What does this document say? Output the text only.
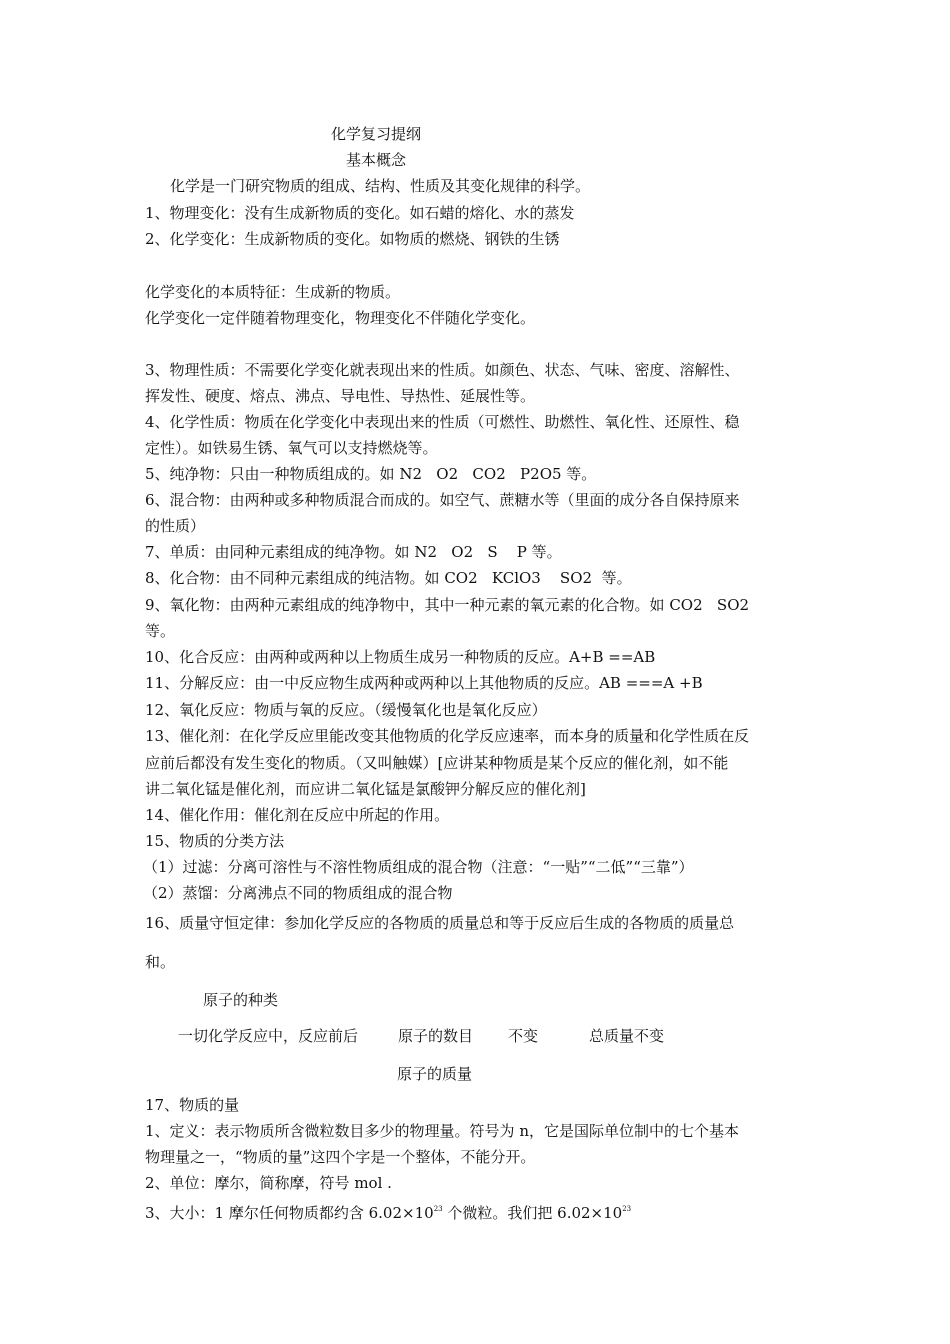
化学复习提纲
基本概念
化学是一门研究物质的组成、结构、性质及其变化规律的科学。
1、物理变化：没有生成新物质的变化。如石蜡的熔化、水的蒸发
2、化学变化：生成新物质的变化。如物质的燃烧、钢铁的生锈
化学变化的本质特征：生成新的物质。
化学变化一定伴随着物理变化，物理变化不伴随化学变化。
3、物理性质：不需要化学变化就表现出来的性质。如颜色、状态、气味、密度、溶解性、
挥发性、硬度、熔点、沸点、导电性、导热性、延展性等。
4、化学性质：物质在化学变化中表现出来的性质（可燃性、助燃性、氧化性、还原性、稳
定性）。如铁易生锈、氧气可以支持燃烧等。
5、纯净物：只由一种物质组成的。如 N2   O2   CO2   P2O5 等。
6、混合物：由两种或多种物质混合而成的。如空气、蔗糖水等（里面的成分各自保持原来
的性质）
7、单质：由同种元素组成的纯净物。如 N2   O2   S    P 等。
8、化合物：由不同种元素组成的纯洁物。如 CO2   KClO3    SO2  等。
9、氧化物：由两种元素组成的纯净物中，其中一种元素的氧元素的化合物。如 CO2   SO2
等。
10、化合反应：由两种或两种以上物质生成另一种物质的反应。A+B ==AB
11、分解反应：由一中反应物生成两种或两种以上其他物质的反应。AB ===A +B
12、氧化反应：物质与氧的反应。（缓慢氧化也是氧化反应）
13、催化剂：在化学反应里能改变其他物质的化学反应速率，而本身的质量和化学性质在反
应前后都没有发生变化的物质。（又叫触媒）[应讲某种物质是某个反应的催化剂，如不能
讲二氧化锰是催化剂，而应讲二氧化锰是氯酸钾分解反应的催化剂]
14、催化作用：催化剂在反应中所起的作用。
15、物质的分类方法
（1）过滤：分离可溶性与不溶性物质组成的混合物（注意：“一贴”“二低”“三靠”）
（2）蒸馏：分离沸点不同的物质组成的混合物
16、质量守恒定律：参加化学反应的各物质的质量总和等于反应后生成的各物质的质量总
和。
原子的种类
一切化学反应中，反应前后	原子的数目 不变	总质量不变
原子的质量
17、物质的量
1、定义：表示物质所含微粒数目多少的物理量。符号为 n，它是国际单位制中的七个基本
物理量之一，“物质的量”这四个字是一个整体，不能分开。
2、单位：摩尔，简称摩，符号 mol .
3、大小：1 摩尔任何物质都约含 $6.02\times 10^{23}$ 个微粒。我们把 $6.02\times 10^{23}$
